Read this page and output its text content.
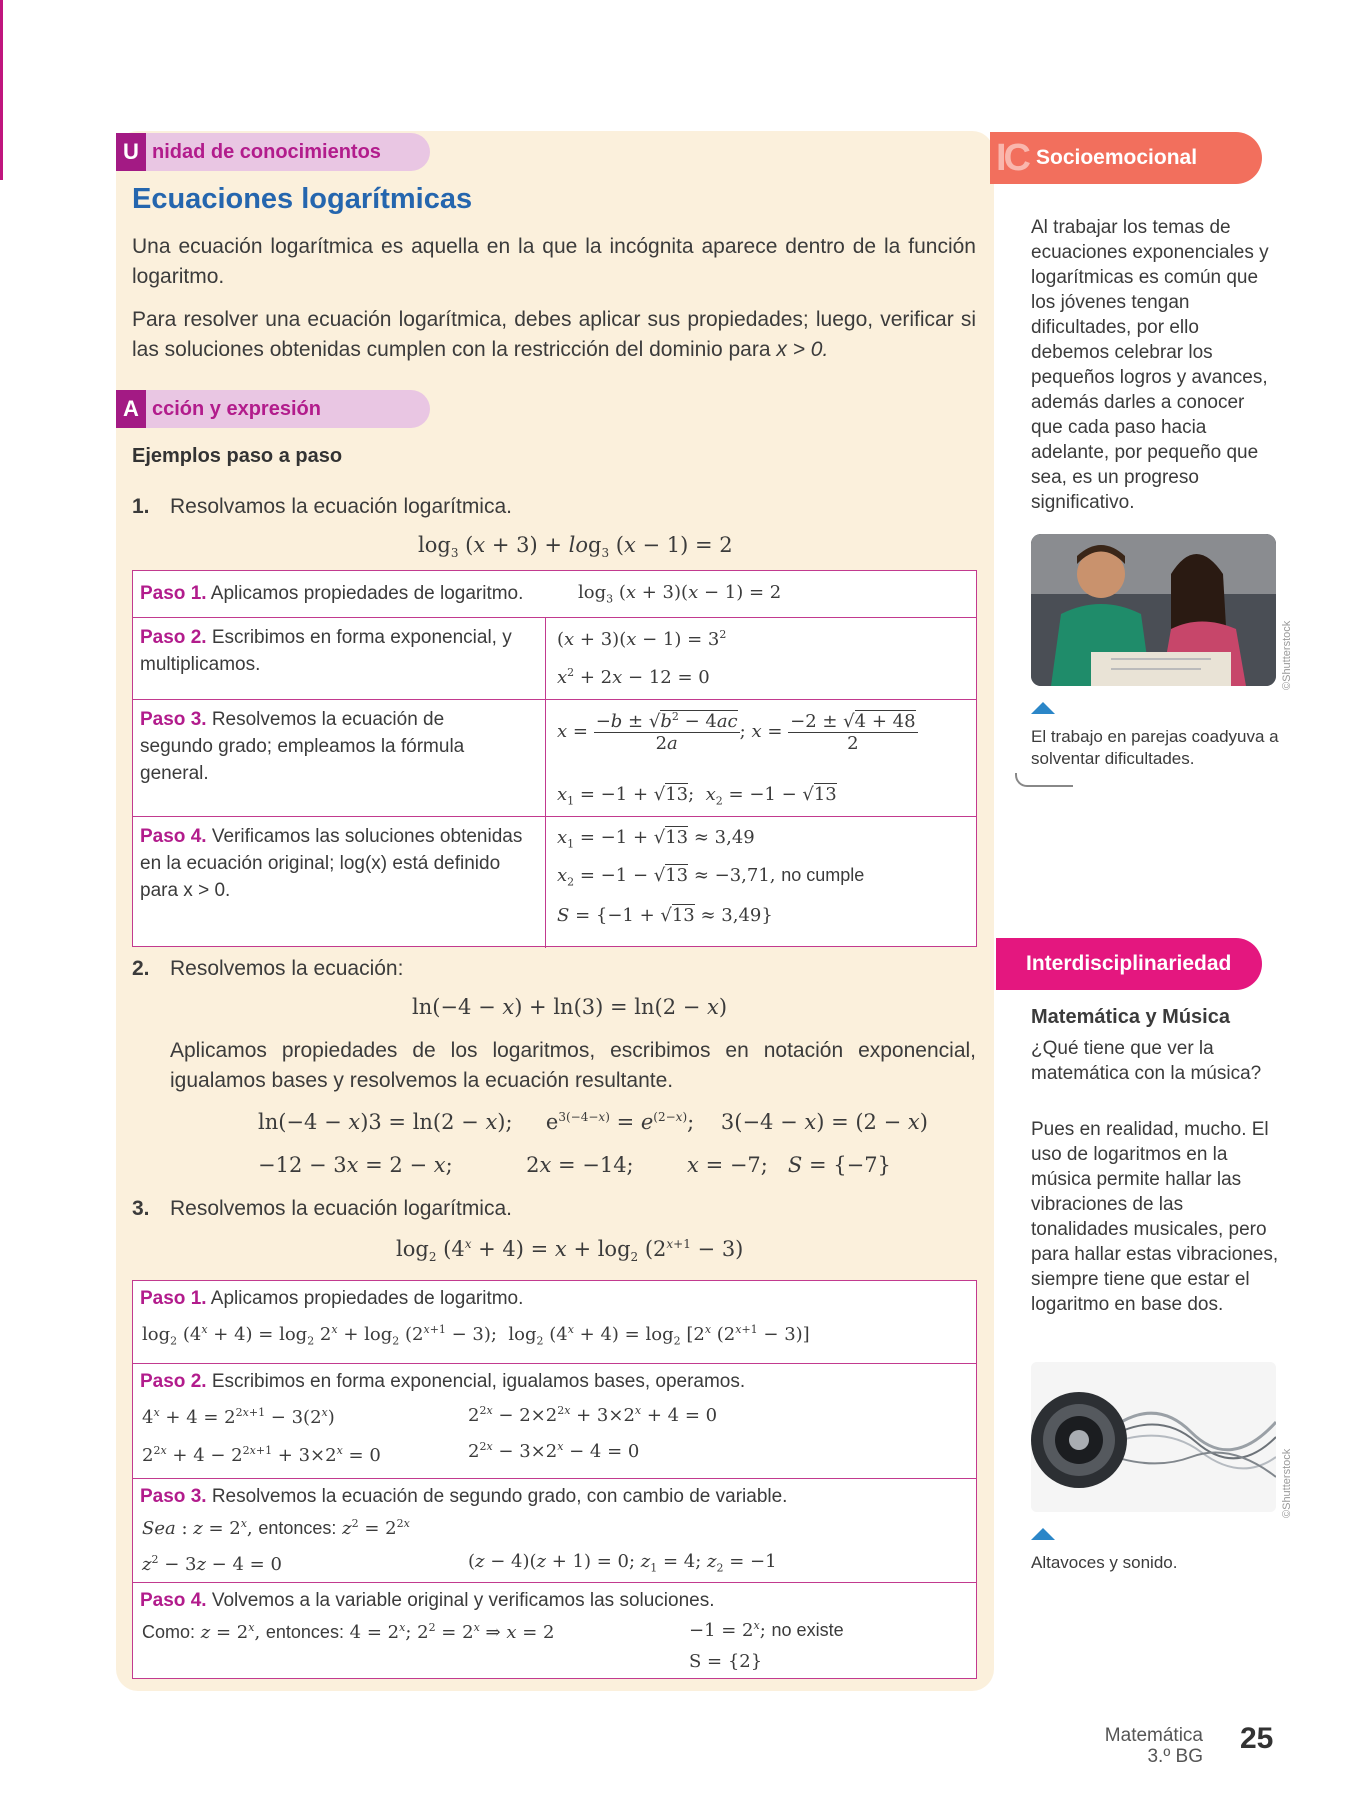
U nidad de conocimientos
Ecuaciones logarítmicas
Una ecuación logarítmica es aquella en la que la incógnita aparece dentro de la función logaritmo.
Para resolver una ecuación logarítmica, debes aplicar sus propiedades; luego, verificar si las soluciones obtenidas cumplen con la restricción del dominio para x > 0.
A cción y expresión
Ejemplos paso a paso
1. Resolvamos la ecuación logarítmica.
$\log_3 (x + 3) + \log_3 (x - 1) = 2$
Paso 1. Aplicamos propiedades de logaritmo.	$\log_3 (x + 3)(x - 1) = 2$
Paso 2. Escribimos en forma exponencial, y multiplicamos.
$(x + 3)(x - 1) = 3^2$
$x^2 + 2x - 12 = 0$
Paso 3. Resolvemos la ecuación de segundo grado; empleamos la fórmula general.
$x = \frac{-b \pm √b^2 - 4ac}{2a}$ ; $x = \frac{-2 \pm √4 + 48}{2}$
$x_1 = -1 + √13$;  $x_2 = -1 - √13$
Paso 4. Verificamos las soluciones obtenidas en la ecuación original; log(x) está definido para x > 0.
$x_1 = -1 + √13 \approx 3,49$
$x_2 = -1 - √13 \approx -3,71$, no cumple
S = {−1 + √13 ≈ 3,49}
2. Resolvemos la ecuación:
ln(−4 − x) + ln(3) = ln(2 − x)
Aplicamos propiedades de los logaritmos, escribimos en notación exponencial, igualamos bases y resolvemos la ecuación resultante.
ln(−4 − x)3 = ln(2 − x);     $e^{3(-4-x)} = e^{(2-x)}$;    3(−4 − x) = (2 − x)
−12 − 3x = 2 − x;           2x = −14;        x = −7;   S = {−7}
3. Resolvemos la ecuación logarítmica.
$\log_2 (4^x + 4) = x + \log_2 (2^{x+1} - 3)$
Paso 1. Aplicamos propiedades de logaritmo.
$\log_2 (4^x + 4) = \log_2 2^x + \log_2 (2^{x+1} - 3)$;  $\log_2 (4^x + 4) = \log_2 [2^x$ $(2^{x+1} - 3)$]
Paso 2. Escribimos en forma exponencial, igualamos bases, operamos.
$4^x + 4 = 2^{2x+1} - 3(2^x)$	$2^{2x} - 2\times 2^{2x} + 3\times 2^x + 4 = 0$
$2^{2x} + 4 - 2^{2x+1} + 3\times 2^x = 0$	$2^{2x} - 3\times 2^x - 4 = 0$
Paso 3. Resolvemos la ecuación de segundo grado, con cambio de variable.
Sea : $z = 2^x$, entonces: $z^2 = 2^{2x}$
$z^2 - 3z - 4 = 0$	(z − 4)(z + 1) = 0; $z_1 = 4$; $z_2 = -1$
Paso 4. Volvemos a la variable original y verificamos las soluciones.
Como: $z = 2^x$, entonces: $4 = 2^x$; $2^2 = 2^x$ ⇒ x = 2	$-1 = 2^x$; no existe
S = {2}
IC Socioemocional
Al trabajar los temas de ecuaciones exponenciales y logarítmicas es común que los jóvenes tengan dificultades, por ello debemos celebrar los pequeños logros y avances, además darles a conocer que cada paso hacia adelante, por pequeño que sea, es un progreso significativo.
©Shutterstock
El trabajo en parejas coadyuva a solventar dificultades.
Interdisciplinariedad
Matemática y Música
¿Qué tiene que ver la matemática con la música?
Pues en realidad, mucho. El uso de logaritmos en la música permite hallar las vibraciones de las tonalidades musicales, pero para hallar estas vibraciones, siempre tiene que estar el logaritmo en base dos.
©Shutterstock
Altavoces y sonido.
Matemática
3.º BG
25
